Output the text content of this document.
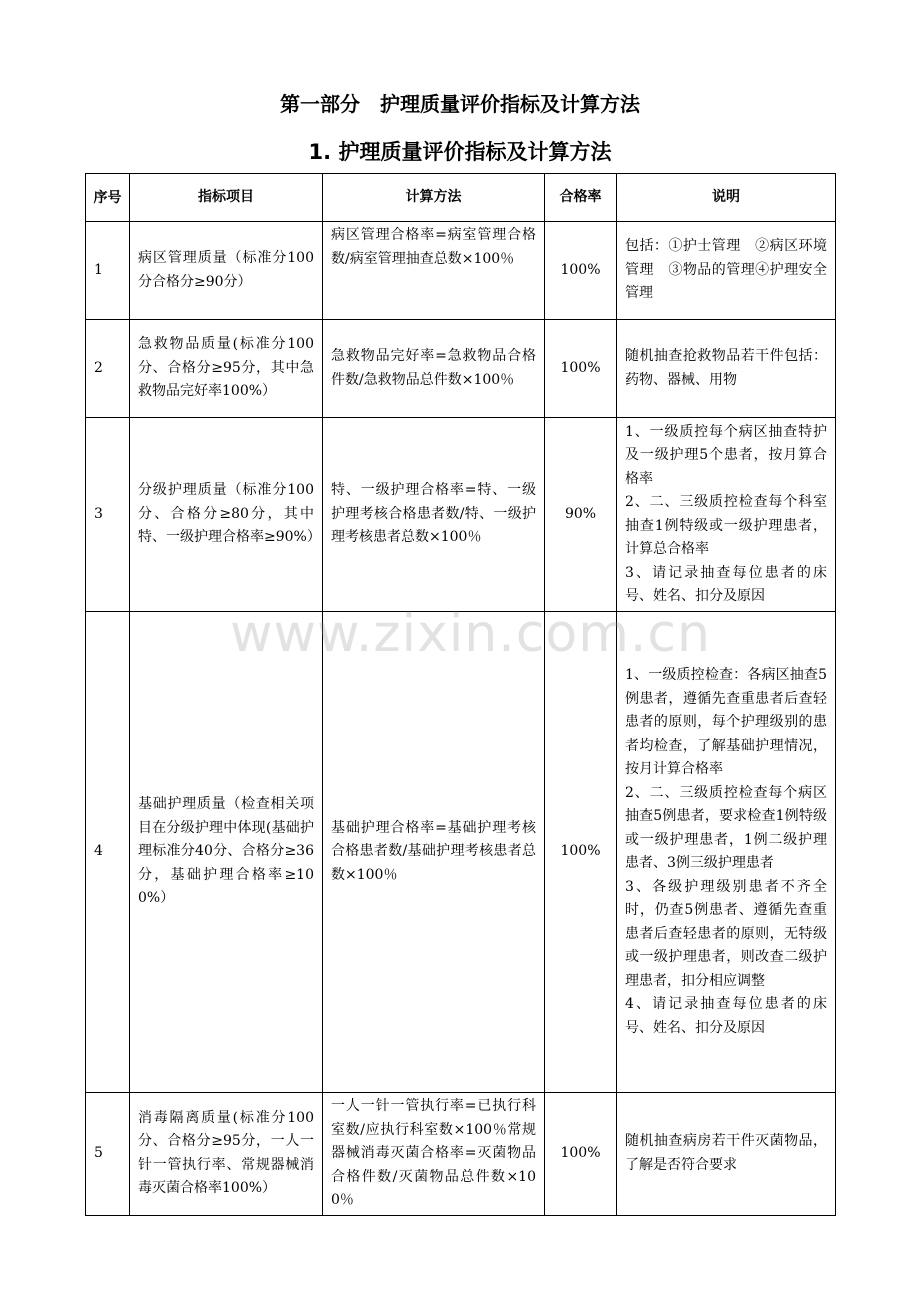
第一部分　护理质量评价指标及计算方法
1. 护理质量评价指标及计算方法
序号	指标项目	计算方法	合格率	说明
1	病区管理质量（标准分100分合格分≥90分）	病区管理合格率=病室管理合格数/病室管理抽查总数×100％	100%	包括：①护士管理　②病区环境管理　③物品的管理④护理安全管理

2	急救物品质量(标准分100分、合格分≥95分，其中急救物品完好率100%）	急救物品完好率=急救物品合格件数/急救物品总件数×100％	100%	随机抽查抢救物品若干件包括：药物、器械、用物

3	分级护理质量（标准分100分、合格分≥80分，其中特、一级护理合格率≥90%）	特、一级护理合格率=特、一级护理考核合格患者数/特、一级护理考核患者总数×100％	90%	1、一级质控每个病区抽查特护及一级护理5个患者，按月算合格率

2、二、三级质控检查每个科室抽查1例特级或一级护理患者，计算总合格率

3、请记录抽查每位患者的床号、姓名、扣分及原因

4	基础护理质量（检查相关项目在分级护理中体现(基础护理标准分40分、合格分≥36分，基础护理合格率≥100%）	基础护理合格率=基础护理考核合格患者数/基础护理考核患者总数×100％	100%	1、一级质控检查：各病区抽查5例患者，遵循先查重患者后查轻患者的原则，每个护理级别的患者均检查，了解基础护理情况，按月计算合格率

2、二、三级质控检查每个病区抽查5例患者，要求检查1例特级或一级护理患者，1例二级护理患者、3例三级护理患者

3、各级护理级别患者不齐全时，仍查5例患者、遵循先查重患者后查轻患者的原则，无特级或一级护理患者，则改查二级护理患者，扣分相应调整

4、请记录抽查每位患者的床号、姓名、扣分及原因

5	消毒隔离质量(标准分100分、合格分≥95分，一人一针一管执行率、常规器械消毒灭菌合格率100%）	一人一针一管执行率=已执行科室数/应执行科室数×100％常规器械消毒灭菌合格率=灭菌物品合格件数/灭菌物品总件数×100％	100%	随机抽查病房若干件灭菌物品，了解是否符合要求

www.zixin.com.cn
